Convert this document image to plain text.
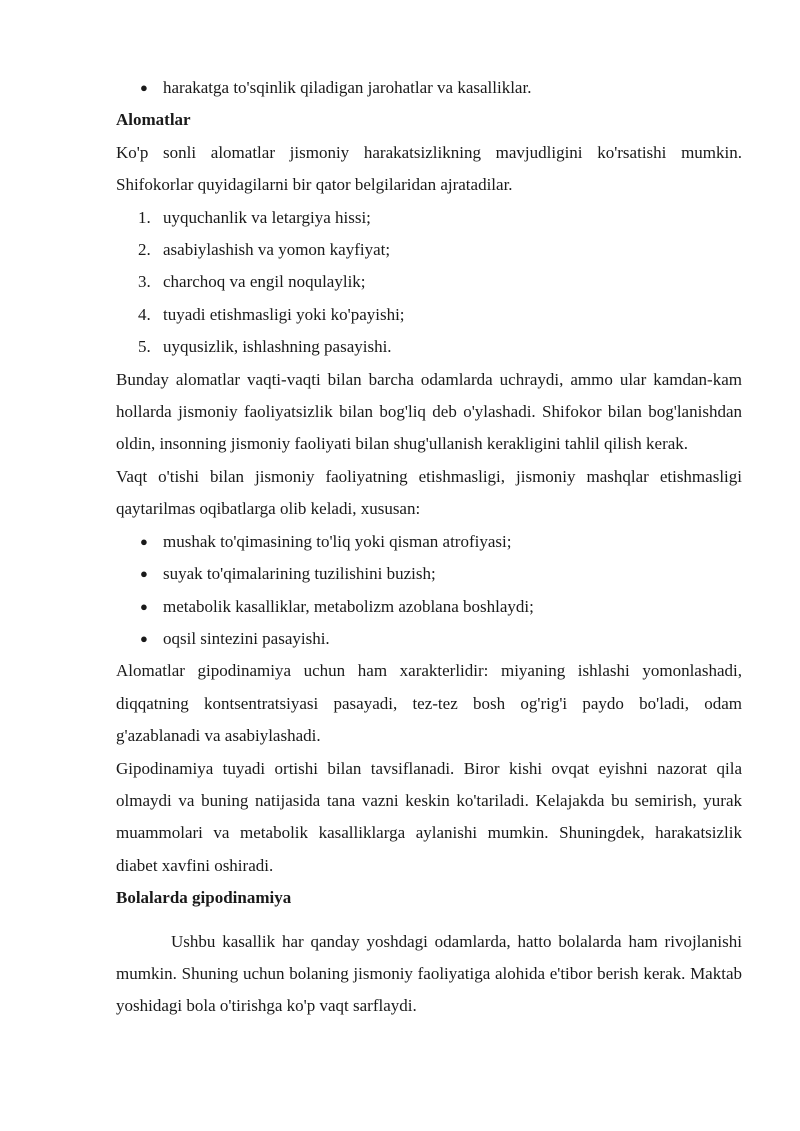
● harakatga to'sqinlik qiladigan jarohatlar va kasalliklar.
Alomatlar

Ko'p sonli alomatlar jismoniy harakatsizlikning mavjudligini ko'rsatishi mumkin. Shifokorlar quyidagilarni bir qator belgilaridan ajratadilar.

1. uyquchanlik va letargiya hissi;
2. asabiylashish va yomon kayfiyat;
3. charchoq va engil noqulaylik;
4. tuyadi etishmasligi yoki ko'payishi;
5. uyqusizlik, ishlashning pasayishi.

Bunday alomatlar vaqti-vaqti bilan barcha odamlarda uchraydi, ammo ular kamdan-kam hollarda jismoniy faoliyatsizlik bilan bog'liq deb o'ylashadi. Shifokor bilan bog'lanishdan oldin, insonning jismoniy faoliyati bilan shug'ullanish kerakligini tahlil qilish kerak.

Vaqt o'tishi bilan jismoniy faoliyatning etishmasligi, jismoniy mashqlar etishmasligi qaytarilmas oqibatlarga olib keladi, xususan:

● mushak to'qimasining to'liq yoki qisman atrofiyasi;
● suyak to'qimalarining tuzilishini buzish;
● metabolik kasalliklar, metabolizm azoblana boshlaydi;
● oqsil sintezini pasayishi.

Alomatlar gipodinamiya uchun ham xarakterlidir: miyaning ishlashi yomonlashadi, diqqatning kontsentratsiyasi pasayadi, tez-tez bosh og'rig'i paydo bo'ladi, odam g'azablanadi va asabiylashadi.

Gipodinamiya tuyadi ortishi bilan tavsiflanadi. Biror kishi ovqat eyishni nazorat qila olmaydi va buning natijasida tana vazni keskin ko'tariladi. Kelajakda bu semirish, yurak muammolari va metabolik kasalliklarga aylanishi mumkin. Shuningdek, harakatsizlik diabet xavfini oshiradi.

Bolalarda gipodinamiya

Ushbu kasallik har qanday yoshdagi odamlarda, hatto bolalarda ham rivojlanishi mumkin. Shuning uchun bolaning jismoniy faoliyatiga alohida e'tibor berish kerak. Maktab yoshidagi bola o'tirishga ko'p vaqt sarflaydi.
